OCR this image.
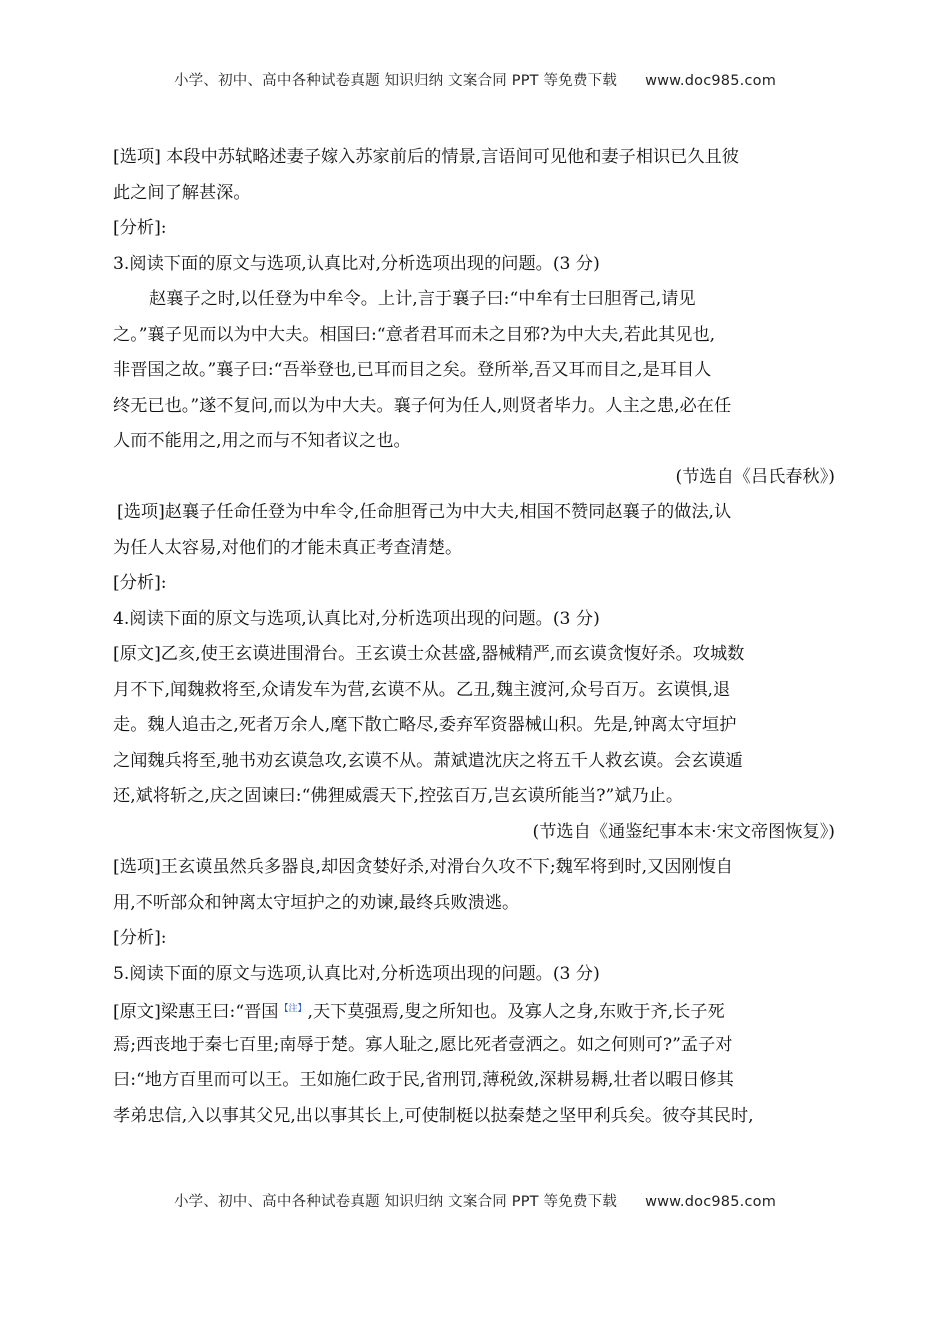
小学、初中、高中各种试卷真题 知识归纳 文案合同 PPT 等免费下载 www.doc985.com
[选项] 本段中苏轼略述妻子嫁入苏家前后的情景,言语间可见他和妻子相识已久且彼
此之间了解甚深。
[分析]:
3.阅读下面的原文与选项,认真比对,分析选项出现的问题。(3 分)
赵襄子之时,以任登为中牟令。上计,言于襄子曰:“中牟有士曰胆胥己,请见
之。”襄子见而以为中大夫。相国曰:“意者君耳而未之目邪?为中大夫,若此其见也,
非晋国之故。”襄子曰:“吾举登也,已耳而目之矣。登所举,吾又耳而目之,是耳目人
终无已也。”遂不复问,而以为中大夫。襄子何为任人,则贤者毕力。人主之患,必在任
人而不能用之,用之而与不知者议之也。
(节选自《吕氏春秋》)
[选项]赵襄子任命任登为中牟令,任命胆胥己为中大夫,相国不赞同赵襄子的做法,认
为任人太容易,对他们的才能未真正考查清楚。
[分析]:
4.阅读下面的原文与选项,认真比对,分析选项出现的问题。(3 分)
[原文]乙亥,使王玄谟进围滑台。王玄谟士众甚盛,器械精严,而玄谟贪愎好杀。攻城数
月不下,闻魏救将至,众请发车为营,玄谟不从。乙丑,魏主渡河,众号百万。玄谟惧,退
走。魏人追击之,死者万余人,麾下散亡略尽,委弃军资器械山积。先是,钟离太守垣护
之闻魏兵将至,驰书劝玄谟急攻,玄谟不从。萧斌遣沈庆之将五千人救玄谟。会玄谟遁
还,斌将斩之,庆之固谏曰:“佛狸威震天下,控弦百万,岂玄谟所能当?”斌乃止。
(节选自《通鉴纪事本末·宋文帝图恢复》)
[选项]王玄谟虽然兵多器良,却因贪婪好杀,对滑台久攻不下;魏军将到时,又因刚愎自
用,不听部众和钟离太守垣护之的劝谏,最终兵败溃逃。
[分析]:
5.阅读下面的原文与选项,认真比对,分析选项出现的问题。(3 分)
[原文]梁惠王曰:“晋国$^{【注】}$,天下莫强焉,叟之所知也。及寡人之身,东败于齐,长子死
焉;西丧地于秦七百里;南辱于楚。寡人耻之,愿比死者壹洒之。如之何则可?”孟子对
曰:“地方百里而可以王。王如施仁政于民,省刑罚,薄税敛,深耕易耨,壮者以暇日修其
孝弟忠信,入以事其父兄,出以事其长上,可使制梃以挞秦楚之坚甲利兵矣。彼夺其民时,
小学、初中、高中各种试卷真题 知识归纳 文案合同 PPT 等免费下载 www.doc985.com
